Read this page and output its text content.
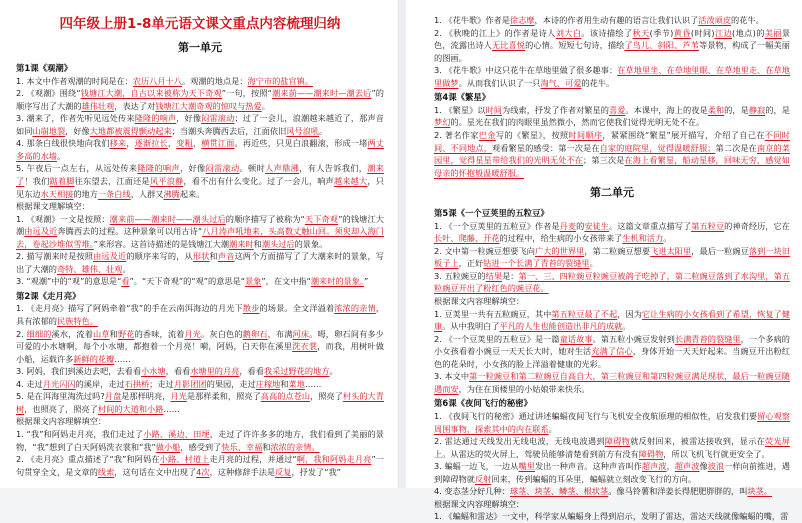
四年级上册1-8单元语文课文重点内容梳理归纳
第一单元
第1课《观潮》
1. 本文中作者观潮的时间是在：农历八月十八。观潮的地点是：海宁市的盐官镇。
2. 《观潮》围绕“钱塘江大潮，自古以来被称为天下奇观”一句，按照“潮来前——潮来时—潮去后”的顺序写出了大潮的雄伟壮观，表达了对钱塘江大潮奇观的惊叹与热爱。
3. 潮来了，作者先听见远处传来隆隆的响声，好像闷雷滚动；过了一会儿，浪潮越来越近了，那声音如同山崩地裂，好像大地都被震得颤动起来；当潮头奔腾西去后，江面依旧风号浪吼。
4. 那条白线很快地向我们移来，逐渐拉长，变粗，横贯江面。再近些，只见白浪翻滚，形成一堵两丈多高的水墙。
5. 午夜后一点左右，从远处传来隆隆的响声，好像闷雷滚动。顿时人声鼎沸，有人告诉我们，潮来了！我们踮着脚往东望去，江面还是风平浪静，看不出有什么变化。过了一会儿，响声越来越大，只见东边水天相接的地方一条白线，人群又沸腾起来。
根据课文理解填空：
1. 《观潮》一文是按照：潮来前——潮来时——潮头过后的顺序描写了被称为“天下奇观”的钱塘江大潮由远及近奔腾西去的过程。这种景象可以用古诗“八月涛声吼地来，头高数丈触山回。须臾却入海门去，卷起沙堆似雪堆。”来形容。这首诗描述的是钱塘江大潮潮来时和潮头过后的景象。
2. 描写潮来时是按照由远及近的顺序来写的，从形状和声音这两个方面描写了了大潮来时的景象，写出了大潮的奇特、雄伟、壮观。
3. “观潮”中的“观”的意思是“看”。“天下奇观”的“观”的意思是“景象”，在文中指“潮来时的景象。”
第2课《走月亮》
1. 《走月亮》描写了阿妈牵着“我”的手在云南洱海边的月光下散步的场景。全文洋溢着浓浓的亲情，具有浓郁的民族特色。
2. 细细的溪水，流着山草和野花的香味，流着月光。灰白色的鹅卵石，布满河床。呣，卵石间有多少可爱的小水塘啊，每个小水塘，都抱着一个月亮！嗬，阿妈，白天你在溪里洗衣裳，而我，用树叶做小船，运载许多新鲜的花瓣……
3. 阿妈，我们到溪边去吧，去看看小水塘，看看水塘里的月亮，看看我采过野花的地方。
4. 走过月光闪闪的溪岸，走过石拱桥；走过月影团团的果园，走过庄稼地和菜地……
5. 是在洱海里淘洗过吗?月盘是那样明亮，月光是那样柔和，照亮了高高的点苍山，照亮了村头的大青树，也照亮了，照亮了村间的大道和小路……
根据课文内容理解填空：
1. “我”和阿妈走月亮，我们走过了小路、溪边、田埂，走过了许许多多的地方，我们看到了美丽的景物，“我”想到了白天阿妈洗衣裳和“我”做小船，感受到了快乐、幸福和浓浓的亲情。
2. 《走月亮》重点描述了“我”和阿妈在小路、村道上走月亮的过程，并通过“啊，我和阿妈走月亮”一句贯穿全文，是文章的线索，这句话在文中出现了4次，这种修辞手法是反复，抒发了“我”
1. 《花牛歌》作者是徐志摩，本诗的作者用生动有趣的语言让我们认识了活泼顽皮的花牛。
2. 《秋晚的江上》的作者是诗人刘大白。该诗描绘了秋天(季节)黄昏(时间)江边(地点)的美丽景色，流露出诗人无比喜悦的心情。短短七句诗，描绘了鸟儿、斜阳、芦苇等景物，构成了一幅美丽的图画。
3. 《花牛歌》中这只花牛在草地里做了很多趣事：在草地里坐、在草地里眠、在草地里走、在草地里做梦。从而我们认识了一只淘气、可爱的花牛。
第4课《繁星》
1. 《繁星》以时间为线索，抒发了作者对繁星的喜爱。本课中，海上的夜是柔和的，是静寂的，是梦幻的。星光在我们的肉眼里虽然微小，然而它使我们觉得光明无处不在。
2. 著名作家巴金写的《繁星》，按照时间顺序，紧紧围绕“繁星”展开描写，介绍了自己在不同时间、不同地点，观看繁星的感受：第一次是在自家的庭院里，觉得温暖舒服；第二次是在南京的菜园里，觉得星星带给我们的光明无处不在；第三次是在海上看繁星，船动星移，回味无穷，感觉如母亲的怀抱般温暖舒服。
第二单元
第5课《一个豆荚里的五粒豆》
1. 《一个豆荚里的五粒豆》作者是丹麦的安徒生。这篇文章重点描写了第五粒豆的神奇经历，它在长叶、爬藤、开花的过程中，给生病的小女孩带来了生机和活力。
2. 文中第一粒豌豆想要飞向广大的世界里，第二粒豌豆想要飞进太阳里，最后一粒豌豆落到一块旧板子上，正好钻进一个长满了青苔的裂缝里。
3. 五粒豌豆的结果是：第一、三、四粒豌豆粒豌豆被鸽子吃掉了，第二粒豌豆落到了水沟里，第五粒豌豆开出了粉红色的豌豆花。
根据课文内容理解填空：
1. 豆荚里一共有五粒豌豆，其中第五粒豆最了不起，因为它让生病的小女孩看到了希望，恢复了健康。从中我明白了平凡的人生也能创造出非凡的成就。
2. 《一个豆荚里的五粒豆》是一篇童话故事。第五粒小豌豆发射到长满青苔的裂缝里，一个多病的小女孩看着小豌豆一天天长大时，她对生活充满了信心，身体开始一天天好起来。当豌豆开出粉红色的花朵时，小女孩的脸上洋溢着健康的光彩。
3. 本文中第一粒豌豆和第二粒豌豆自高自大，第三粒豌豆和第四粒豌豆满足现状，最后一粒豌豆随遇而安，为住在顶楼里的小姑娘带来快乐。
第6课《夜间飞行的秘密》
1. 《夜间飞行的秘密》通过讲述蝙蝠夜间飞行与飞机安全夜航原理的相似性，启发我们要留心观察周围事物，探索其中的内在联系。
2. 雷达通过天线发出无线电波，无线电波遇到障碍物就反射回来，被雷达接收到，显示在荧光屏上。从雷达的荧火屏上，驾驶员能够清楚看到前方有没有障碍物，所以飞机飞行就更安全了。
3. 蝙蝠一边飞，一边从嘴里发出一种声音。这种声音叫作超声波，超声波像波浪一样向前推进，遇到障碍物就反射回来，传到蝙蝠的耳朵里，蝙蝠就立刻改变飞行的方向。
4. 变态茎分好几种：球茎、块茎、鳞茎、根状茎。像马铃薯和洋姜长得肥肥胖胖的，叫块茎。
根据课文内容理解填空：
1. 《蝙蝠和雷达》一文中，科学家从蝙蝠身上得到启示，发明了雷达，雷达天线就像蝙蝠的嘴，雷
